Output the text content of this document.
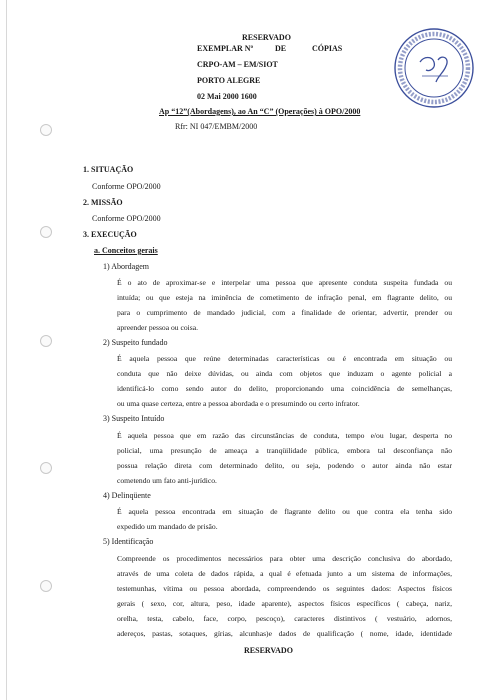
RESERVADO
EXEMPLAR Nº	DE	CÓPIAS
CRPO-AM – EM/SIOT
PORTO ALEGRE
02 Mai 2000 1600
Ap “12”(Abordagens), ao An “C” (Operações) à OPO/2000
Rfr: NI 047/EMBM/2000
1. SITUAÇÃO
Conforme OPO/2000
2. MISSÃO
Conforme OPO/2000
3. EXECUÇÃO
a. Conceitos gerais
1) Abordagem
É o ato de aproximar-se e interpelar uma pessoa que apresente conduta suspeita fundada ou
intuída; ou que esteja na iminência de cometimento de infração penal, em flagrante delito, ou
para o cumprimento de mandado judicial, com a finalidade de orientar, advertir, prender ou
apreender pessoa ou coisa.
2) Suspeito fundado
É aquela pessoa que reúne determinadas características ou é encontrada em situação ou
conduta que não deixe dúvidas, ou ainda com objetos que induzam o agente policial a
identificá-lo como sendo autor do delito, proporcionando uma coincidência de semelhanças,
ou uma quase certeza, entre a pessoa abordada e o presumindo ou certo infrator.
3) Suspeito Intuído
É aquela pessoa que em razão das circunstâncias de conduta, tempo e/ou lugar, desperta no
policial, uma presunção de ameaça a tranqüilidade pública, embora tal desconfiança não
possua relação direta com determinado delito, ou seja, podendo o autor ainda não estar
cometendo um fato anti-jurídico.
4) Delinqüente
É aquela pessoa encontrada em situação de flagrante delito ou que contra ela tenha sido
expedido um mandado de prisão.
5) Identificação
Compreende os procedimentos necessários para obter uma descrição conclusiva do abordado,
através de uma coleta de dados rápida, a qual é efetuada junto a um sistema de informações,
testemunhas, vítima ou pessoa abordada, compreendendo os seguintes dados: Aspectos físicos
gerais ( sexo, cor, altura, peso, idade aparente), aspectos físicos específicos ( cabeça, nariz,
orelha, testa, cabelo, face, corpo, pescoço), caracteres distintivos ( vestuário, adornos,
adereços, pastas, sotaques, gírias, alcunhas)e dados de qualificação ( nome, idade, identidade
RESERVADO
